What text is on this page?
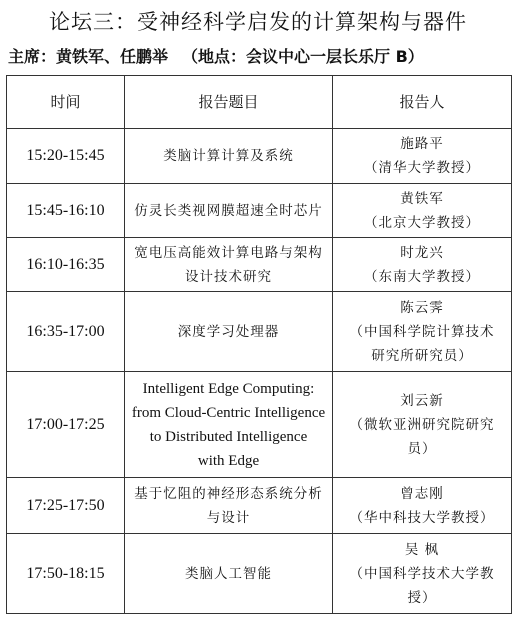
论坛三：受神经科学启发的计算架构与器件
主席：黄铁军、任鹏举 （地点：会议中心一层长乐厅 B）
时间	报告题目	报告人
15:20-15:45	类脑计算计算及系统	施路平
（清华大学教授）

15:45-16:10	仿灵长类视网膜超速全时芯片	黄铁军
（北京大学教授）

16:10-16:35	宽电压高能效计算电路与架构
设计技术研究	时龙兴
（东南大学教授）

16:35-17:00	深度学习处理器	陈云霁
（中国科学院计算技术
研究所研究员）

17:00-17:25	Intelligent Edge Computing:
from Cloud-Centric Intelligence
to Distributed Intelligence
with Edge	刘云新
（微软亚洲研究院研究
员）

17:25-17:50	基于忆阻的神经形态系统分析
与设计	曾志刚
（华中科技大学教授）

17:50-18:15	类脑人工智能	吴 枫
（中国科学技术大学教
授）
